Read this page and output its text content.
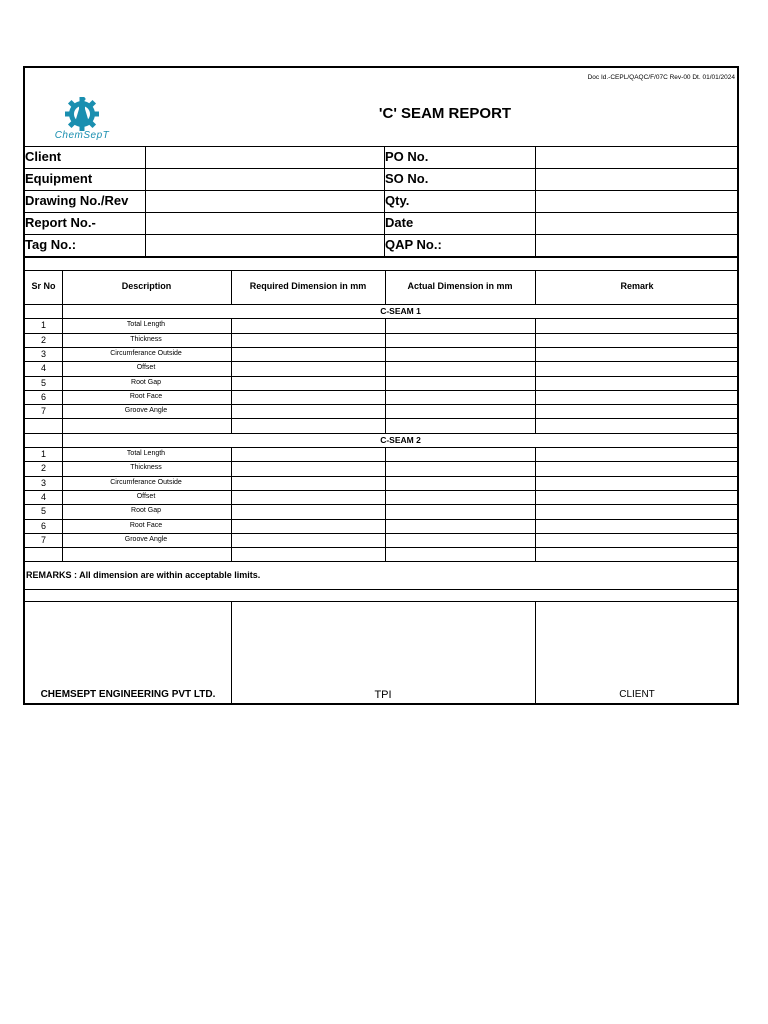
Doc Id.-CEPL/QAQC/F/07C Rev-00 Dt. 01/01/2024
ChemSepT
'C' SEAM REPORT
Client	PO No.
Equipment	SO No.
Drawing No./Rev	Qty.
Report No.-	Date
Tag No.:	QAP No.:
Sr No	Description	Required Dimension in mm	Actual Dimension in mm	Remark
C-SEAM 1
1	Total Length
2	Thickness
3	Circumferance Outside
4	Offset
5	Root Gap
6	Root Face
7	Groove Angle
C-SEAM 2
1	Total Length
2	Thickness
3	Circumferance Outside
4	Offset
5	Root Gap
6	Root Face
7	Groove Angle
REMARKS : All dimension are within acceptable limits.
CHEMSEPT ENGINEERING PVT LTD.	TPI	CLIENT
